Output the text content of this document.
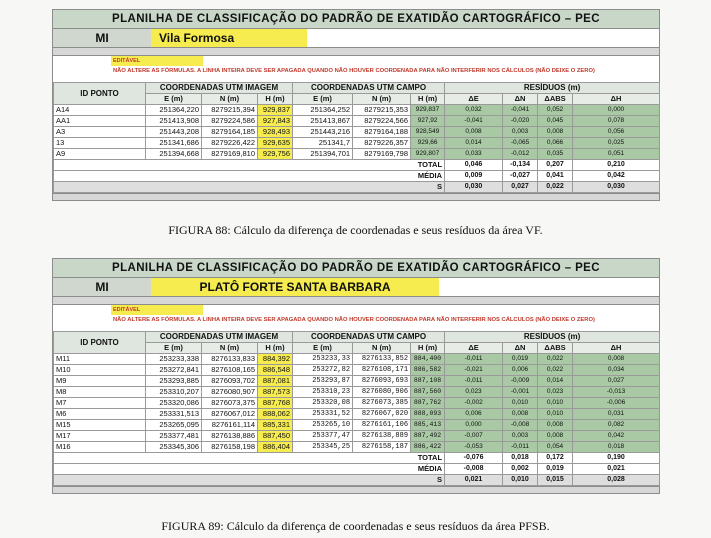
PLANILHA DE CLASSIFICAÇÃO DO PADRÃO DE EXATIDÃO CARTOGRÁFICO – PEC
MI	Vila Formosa
EDITÁVEL
NÃO ALTERE AS FÓRMULAS. A LINHA INTEIRA DEVE SER APAGADA QUANDO NÃO HOUVER COORDENADA PARA NÃO INTERFERIR NOS CÁLCULOS (NÃO DEIXE O ZERO)
ID PONTO	COORDENADAS UTM IMAGEM			COORDENADAS UTM CAMPO			RESÍDUOS (m)			
	E (m)	N (m)	H (m)	E (m)	N (m)	H (m)	ΔE	ΔN	ΔABS	ΔH
A14	251364,220	8279215,394	929,837	251364,252	8279215,353	929,837	0,032	-0,041	0,052	0,000
AA1	251413,908	8279224,586	927,843	251413,867	8279224,566	927,92	-0,041	-0,020	0,045	0,078
A3	251443,208	8279164,185	928,493	251443,216	8279164,188	928,549	0,008	0,003	0,008	0,056
13	251341,686	8279226,422	929,635	251341,7	8279226,357	929,66	0,014	-0,065	0,066	0,025
A9	251394,668	8279169,810	929,756	251394,701	8279169,798	929,807	0,033	-0,012	0,035	0,051
TOTAL							0,046	-0,134	0,207	0,210
MÉDIA							0,009	-0,027	0,041	0,042
S							0,030	0,027	0,022	0,030
FIGURA 88: Cálculo da diferença de coordenadas e seus resíduos da área VF.
PLANILHA DE CLASSIFICAÇÃO DO PADRÃO DE EXATIDÃO CARTOGRÁFICO – PEC
MI	PLATÔ FORTE SANTA BARBARA
EDITÁVEL
NÃO ALTERE AS FÓRMULAS. A LINHA INTEIRA DEVE SER APAGADA QUANDO NÃO HOUVER COORDENADA PARA NÃO INTERFERIR NOS CÁLCULOS (NÃO DEIXE O ZERO)
ID PONTO	COORDENADAS UTM IMAGEM			COORDENADAS UTM CAMPO			RESÍDUOS (m)			
	E (m)	N (m)	H (m)	E (m)	N (m)	H (m)	ΔE	ΔN	ΔABS	ΔH
M11	253233,338	8276133,833	884,392	253233,33	8276133,852	884,400	-0,011	0,019	0,022	0,008
M10	253272,841	8276108,165	886,548	253272,82	8276108,171	886,582	-0,021	0,006	0,022	0,034
M9	253293,885	8276093,702	887,081	253293,87	8276093,693	887,108	-0,011	-0,009	0,014	0,027
M8	253310,207	8276080,907	887,573	253310,23	8276080,906	887,560	0,023	-0,001	0,023	-0,013
M7	253320,086	8276073,375	887,768	253320,08	8276073,385	887,762	-0,002	0,010	0,010	-0,006
M6	253331,513	8276067,012	888,062	253331,52	8276067,020	888,093	0,006	0,008	0,010	0,031
M15	253265,095	8276161,114	885,331	253265,10	8276161,106	885,413	0,000	-0,008	0,008	0,082
M17	253377,481	8276138,886	887,450	253377,47	8276138,889	887,492	-0,007	0,003	0,008	0,042
M16	253345,306	8276158,198	886,404	253345,25	8276158,187	886,422	-0,053	-0,011	0,054	0,018
TOTAL							-0,076	0,018	0,172	0,190
MÉDIA							-0,008	0,002	0,019	0,021
S							0,021	0,010	0,015	0,028
FIGURA 89: Cálculo da diferença de coordenadas e seus resíduos da área PFSB.
